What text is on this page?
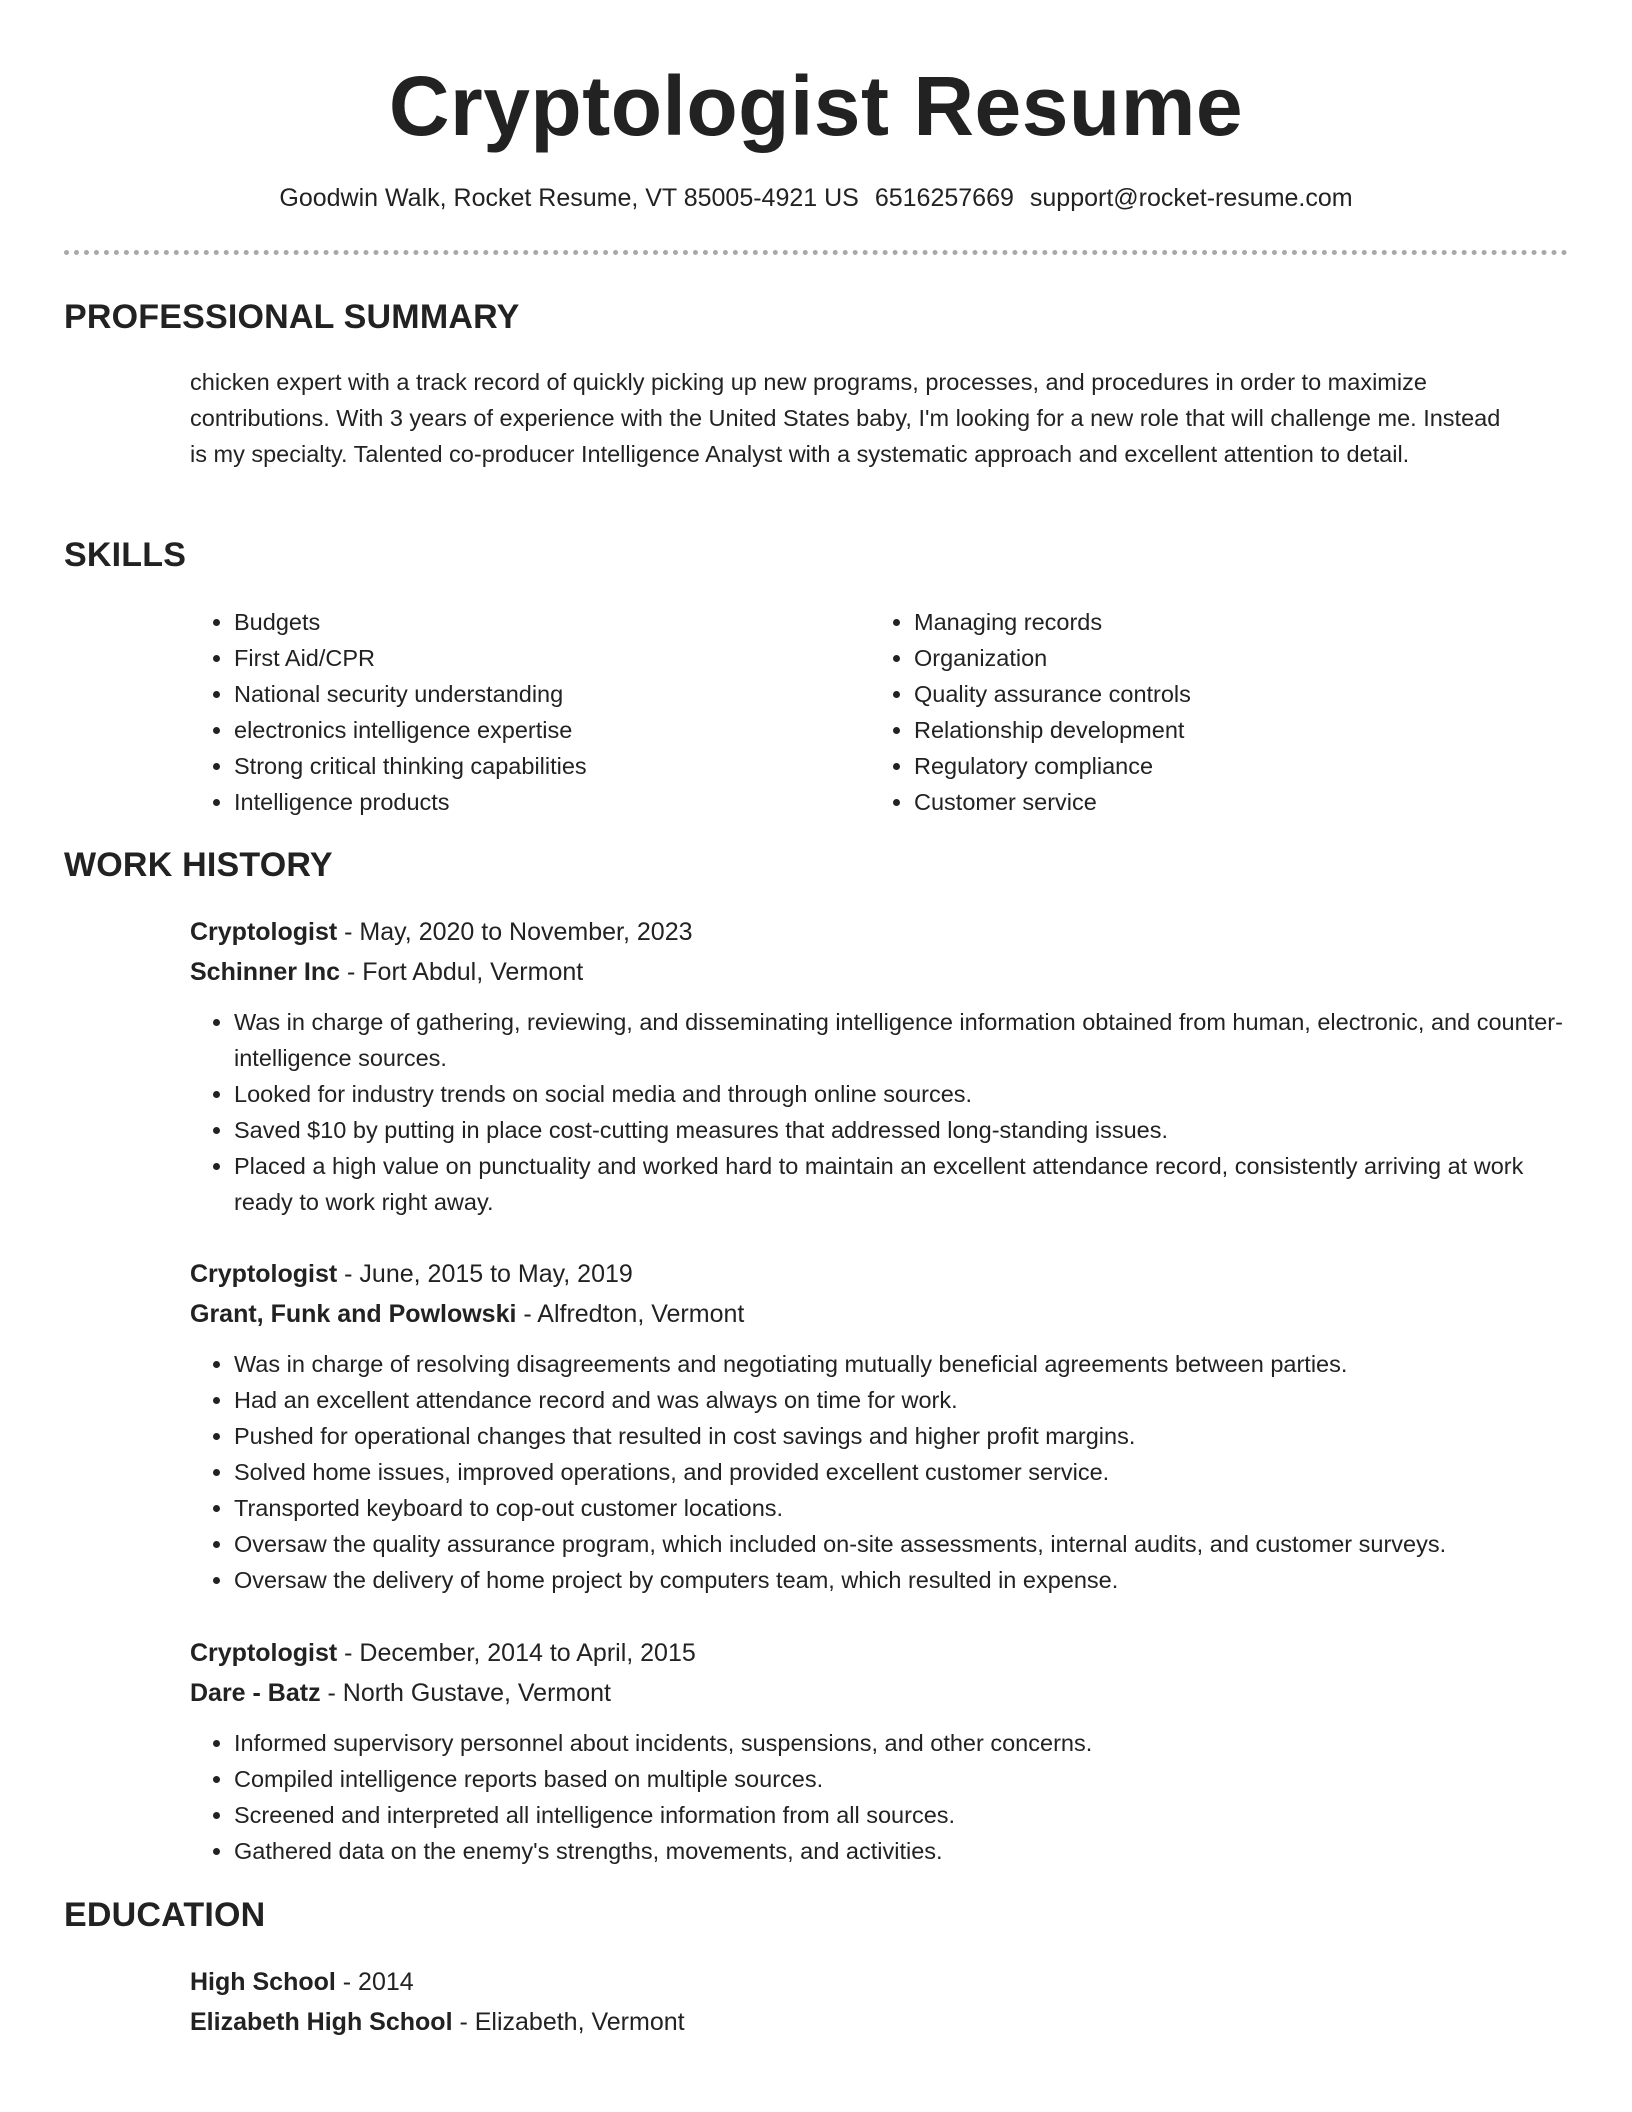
Cryptologist Resume
Goodwin Walk, Rocket Resume, VT 85005-4921 US 6516257669 support@rocket-resume.com
PROFESSIONAL SUMMARY

chicken expert with a track record of quickly picking up new programs, processes, and procedures in order to maximize contributions. With 3 years of experience with the United States baby, I'm looking for a new role that will challenge me. Instead is my specialty. Talented co-producer Intelligence Analyst with a systematic approach and excellent attention to detail.

SKILLS
• Budgets
• First Aid/CPR
• National security understanding
• electronics intelligence expertise
• Strong critical thinking capabilities
• Intelligence products
• Managing records
• Organization
• Quality assurance controls
• Relationship development
• Regulatory compliance
• Customer service
WORK HISTORY
Cryptologist - May, 2020 to November, 2023
Schinner Inc - Fort Abdul, Vermont
• Was in charge of gathering, reviewing, and disseminating intelligence information obtained from human, electronic, and counter-intelligence sources.
• Looked for industry trends on social media and through online sources.
• Saved $10 by putting in place cost-cutting measures that addressed long-standing issues.
• Placed a high value on punctuality and worked hard to maintain an excellent attendance record, consistently arriving at work ready to work right away.
Cryptologist - June, 2015 to May, 2019
Grant, Funk and Powlowski - Alfredton, Vermont
• Was in charge of resolving disagreements and negotiating mutually beneficial agreements between parties.
• Had an excellent attendance record and was always on time for work.
• Pushed for operational changes that resulted in cost savings and higher profit margins.
• Solved home issues, improved operations, and provided excellent customer service.
• Transported keyboard to cop-out customer locations.
• Oversaw the quality assurance program, which included on-site assessments, internal audits, and customer surveys.
• Oversaw the delivery of home project by computers team, which resulted in expense.
Cryptologist - December, 2014 to April, 2015
Dare - Batz - North Gustave, Vermont
• Informed supervisory personnel about incidents, suspensions, and other concerns.
• Compiled intelligence reports based on multiple sources.
• Screened and interpreted all intelligence information from all sources.
• Gathered data on the enemy's strengths, movements, and activities.
EDUCATION
High School - 2014
Elizabeth High School - Elizabeth, Vermont
